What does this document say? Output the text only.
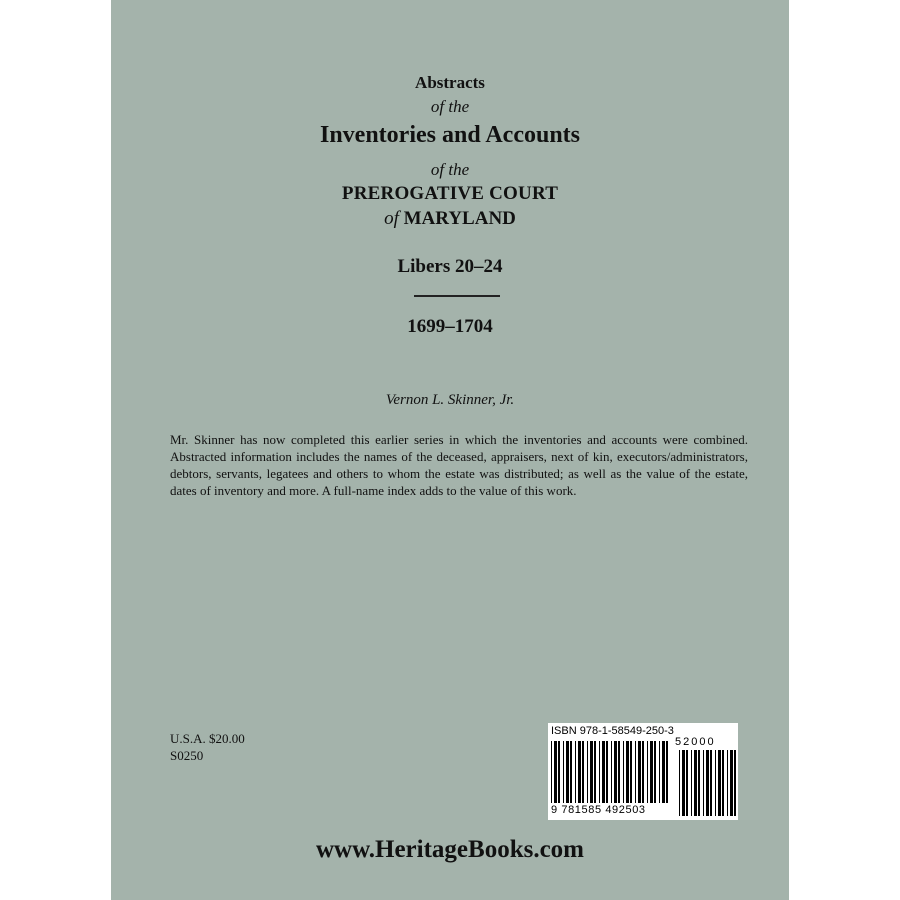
Abstracts
of the
Inventories and Accounts
of the
PREROGATIVE COURT
of MARYLAND
Libers 20–24
1699–1704
Vernon L. Skinner, Jr.
Mr. Skinner has now completed this earlier series in which the inventories and accounts were combined. Abstracted information includes the names of the deceased, appraisers, next of kin, executors/administrators, debtors, servants, legatees and others to whom the estate was distributed; as well as the value of the estate, dates of inventory and more. A full-name index adds to the value of this work.
U.S.A. $20.00
S0250
ISBN 978-1-58549-250-3
52000
9 781585 492503
www.HeritageBooks.com
